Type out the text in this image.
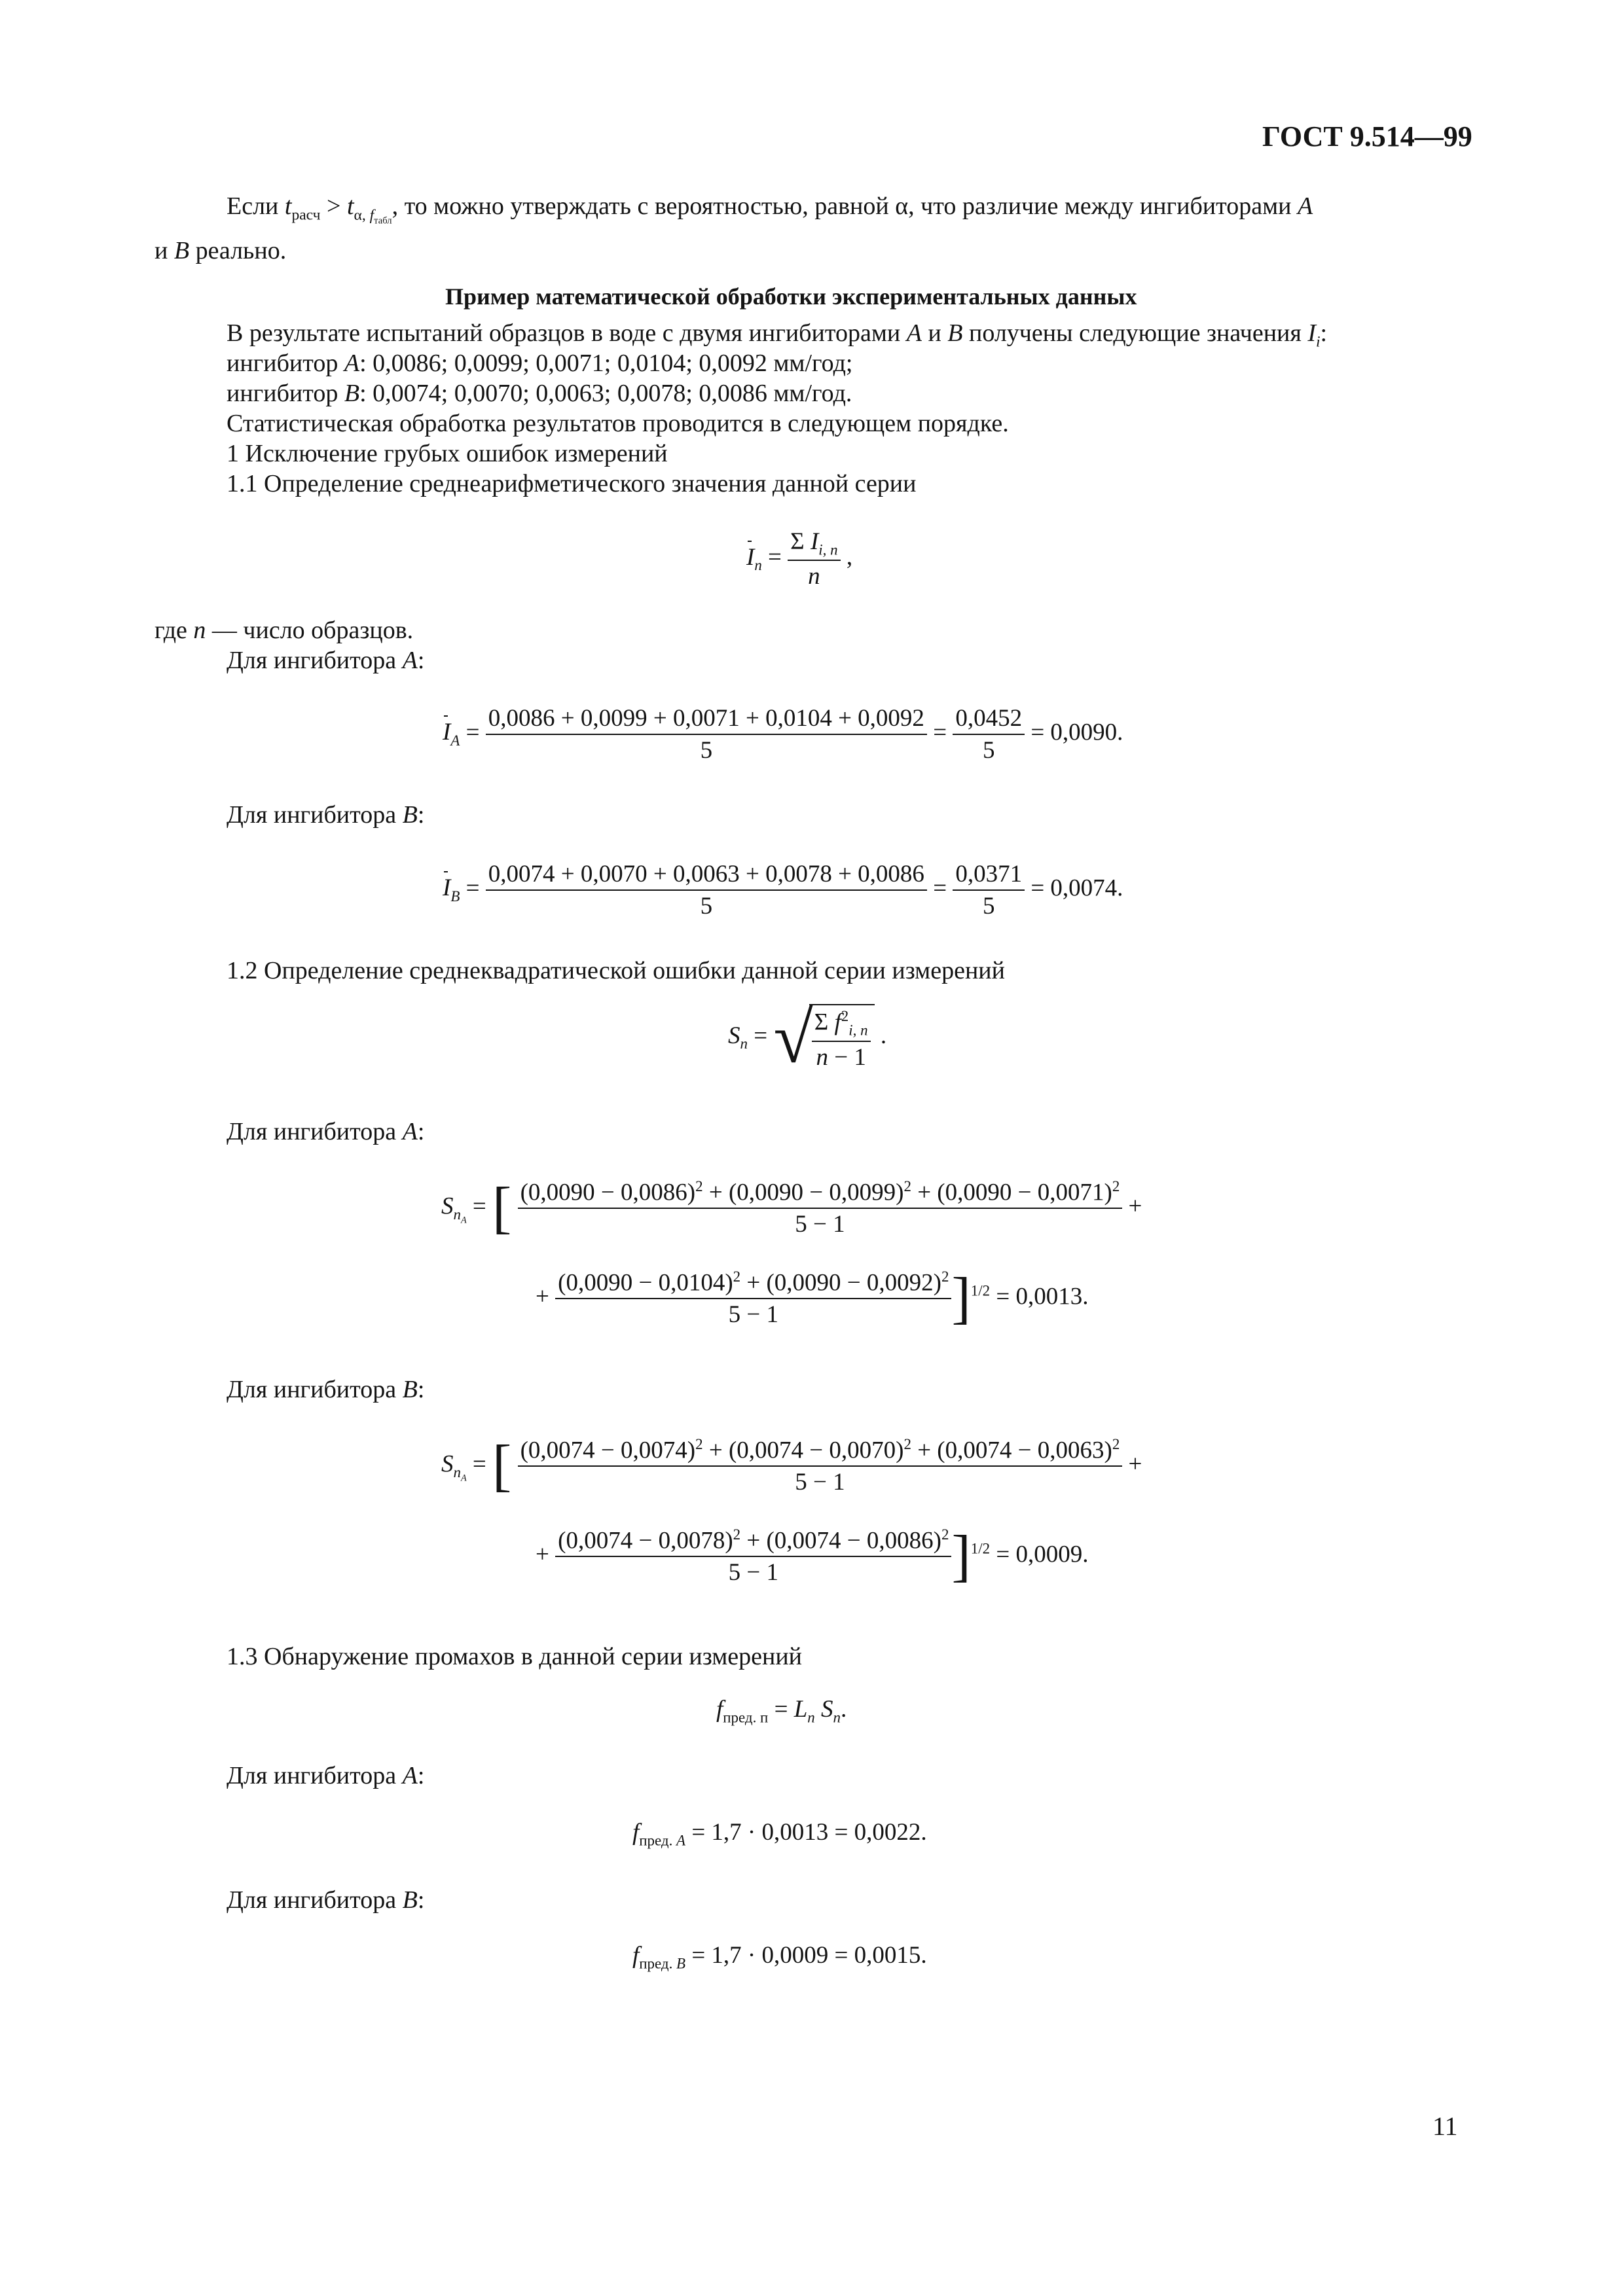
ГОСТ 9.514—99
Если $t_{расч} > t_{\alpha, f_{табл}}$, то можно утверждать с вероятностью, равной α, что различие между ингибиторами A
и B реально.
Пример математической обработки экспериментальных данных
В результате испытаний образцов в воде с двумя ингибиторами A и B получены следующие значения $I_i$:
ингибитор A: 0,0086; 0,0099; 0,0071; 0,0104; 0,0092 мм/год;
ингибитор B: 0,0074; 0,0070; 0,0063; 0,0078; 0,0086 мм/год.
Статистическая обработка результатов проводится в следующем порядке.
1 Исключение грубых ошибок измерений
1.1 Определение среднеарифметического значения данной серии
$I_n = \frac{\Sigma I_{i, n}}{n}$ ,
где n — число образцов.
Для ингибитора A:
$I_A = \frac{0,0086 + 0,0099 + 0,0071 + 0,0104 + 0,0092}{5} = \frac{0,0452}{5} = 0,0090$.
Для ингибитора B:
$I_B = \frac{0,0074 + 0,0070 + 0,0063 + 0,0078 + 0,0086}{5} = \frac{0,0371}{5} = 0,0074$.
1.2 Определение среднеквадратической ошибки данной серии измерений
$S_n$ = √
$\frac{\Sigma f^2_{i, n}}{n - 1}$ .
Для ингибитора A:
$S_{n_A}$ = [ $\frac{(0,0090 - 0,0086)^2 + (0,0090 - 0,0099)^2 + (0,0090 - 0,0071)^2}{5 - 1}$ +
+ $\frac{(0,0090 - 0,0104)^2 + (0,0090 - 0,0092)^2}{5 - 1} ]^{1/2} = 0,0013$.
Для ингибитора B:
$S_{n_A}$ = [ $\frac{(0,0074 - 0,0074)^2 + (0,0074 - 0,0070)^2 + (0,0074 - 0,0063)^2}{5 - 1}$ +
+ $\frac{(0,0074 - 0,0078)^2 + (0,0074 - 0,0086)^2}{5 - 1} ]^{1/2} = 0,0009$.
1.3 Обнаружение промахов в данной серии измерений
$f_{пред. п} = L_n$ $S_n$.
Для ингибитора A:
$f_{пред. A} = 1,7 \cdot 0,0013 = 0,0022$.
Для ингибитора B:
$f_{пред. B} = 1,7 \cdot 0,0009 = 0,0015$.
11
